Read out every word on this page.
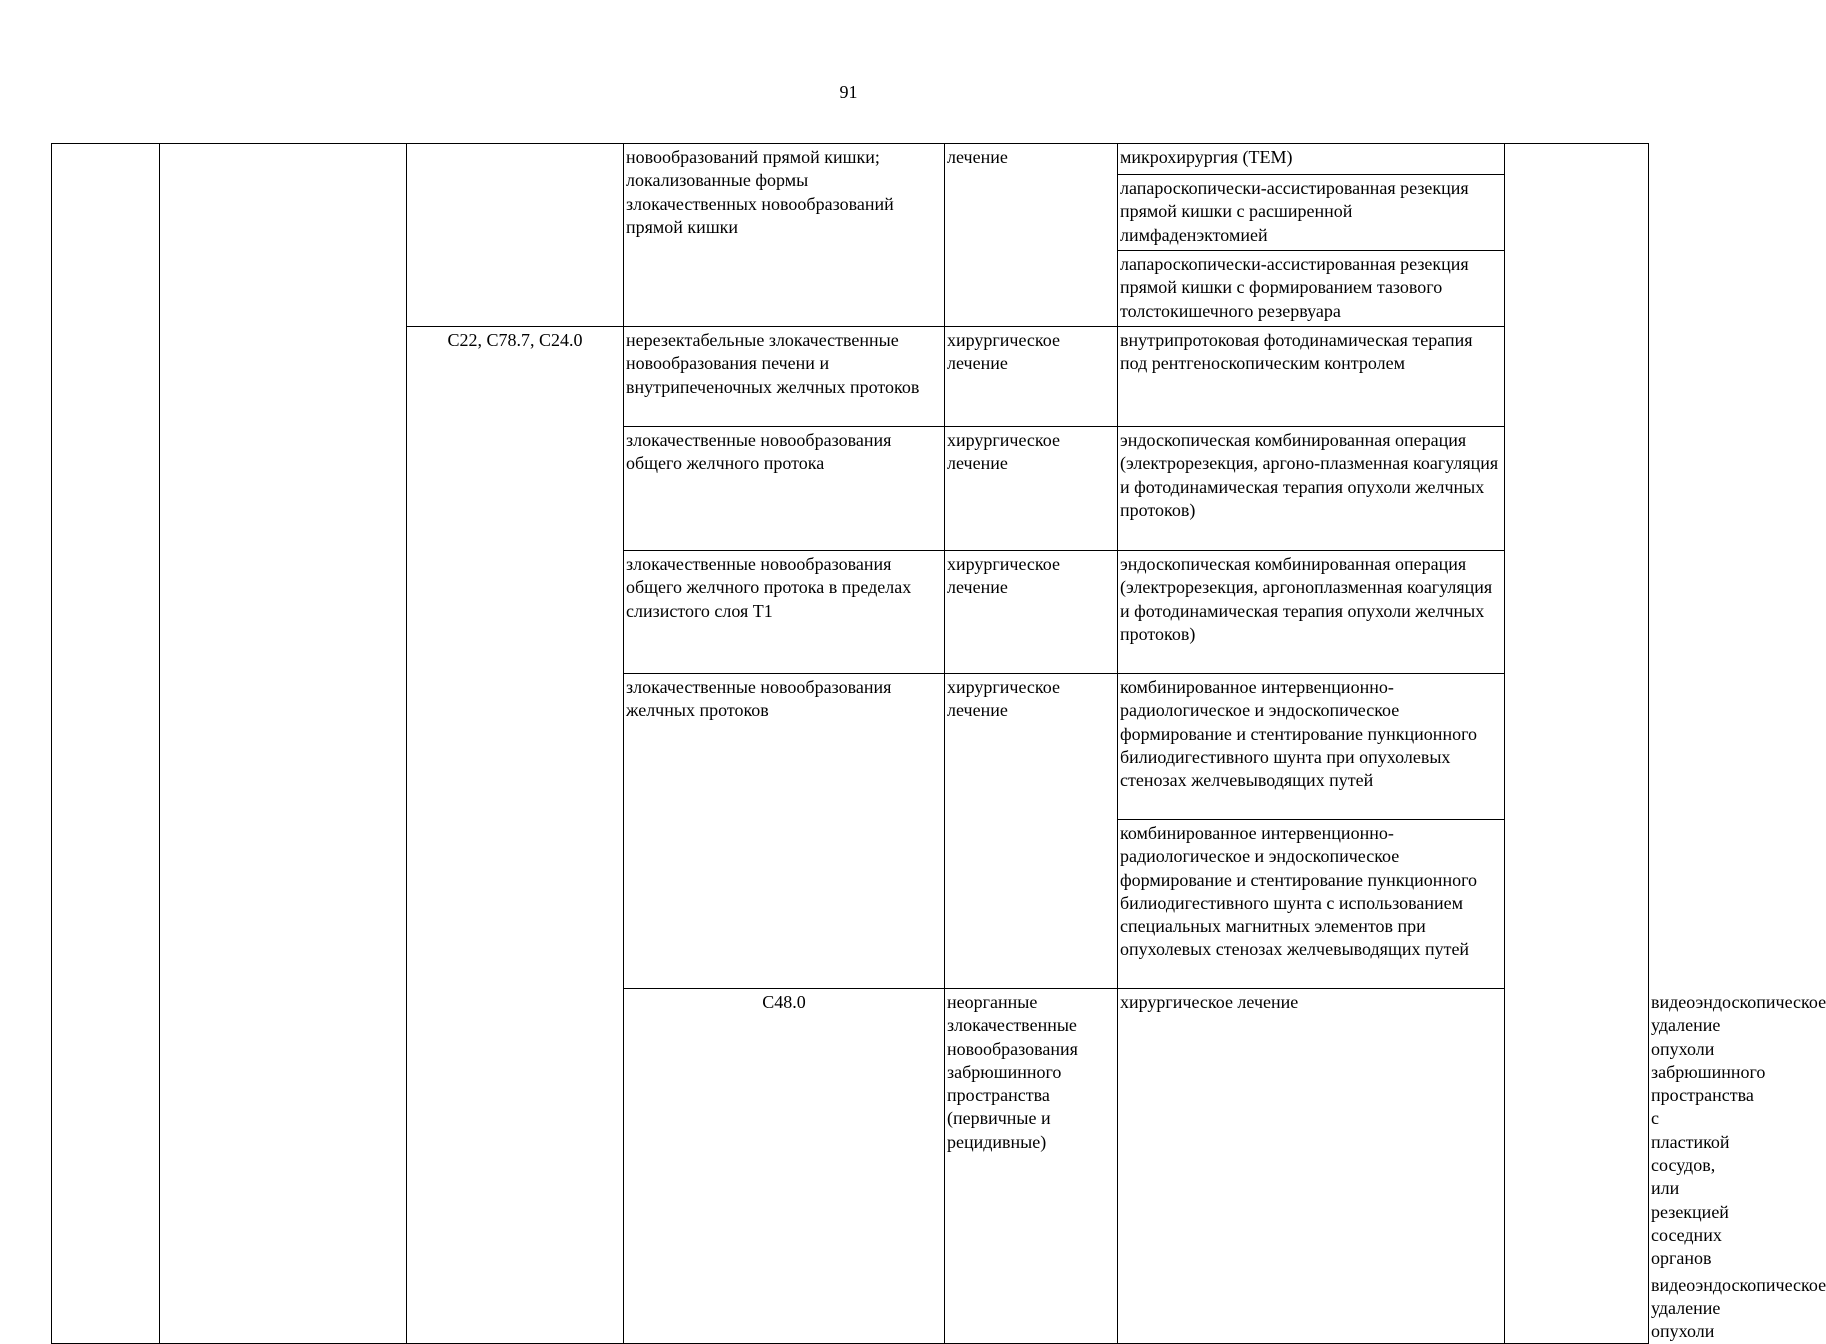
91
			новообразований прямой кишки; локализованные формы злокачественных новообразований прямой кишки	лечение	микрохирургия (ТЕМ)		
					лапароскопически-ассистированная резекция прямой кишки с расширенной лимфаденэктомией		
					лапароскопически-ассистированная резекция прямой кишки с формированием тазового толстокишечного резервуара		
		C22, C78.7, C24.0	нерезектабельные злокачественные новообразования печени и внутрипеченочных желчных протоков	хирургическое лечение	внутрипротоковая фотодинамическая терапия под рентгеноскопическим контролем		
			злокачественные новообразования общего желчного протока	хирургическое лечение	эндоскопическая комбинированная операция (электрорезекция, аргоно-плазменная коагуляция и фотодинамическая терапия опухоли желчных протоков)		
			злокачественные новообразования общего желчного протока в пределах слизистого слоя T1	хирургическое лечение	эндоскопическая комбинированная операция (электрорезекция, аргоноплазменная коагуляция и фотодинамическая терапия опухоли желчных протоков)		
			злокачественные новообразования желчных протоков	хирургическое лечение	комбинированное интервенционно-радиологическое и эндоскопическое формирование и стентирование пункционного билиодигестивного шунта при опухолевых стенозах желчевыводящих путей		
					комбинированное интервенционно-радиологическое и эндоскопическое формирование и стентирование пункционного билиодигестивного шунта с использованием специальных магнитных элементов при опухолевых стенозах желчевыводящих путей		
			C48.0	неорганные злокачественные новообразования забрюшинного пространства (первичные и рецидивные)	хирургическое лечение		видеоэндоскопическое удаление опухоли забрюшинного пространства с пластикой сосудов, или резекцией соседних органов
							видеоэндоскопическое удаление опухоли
